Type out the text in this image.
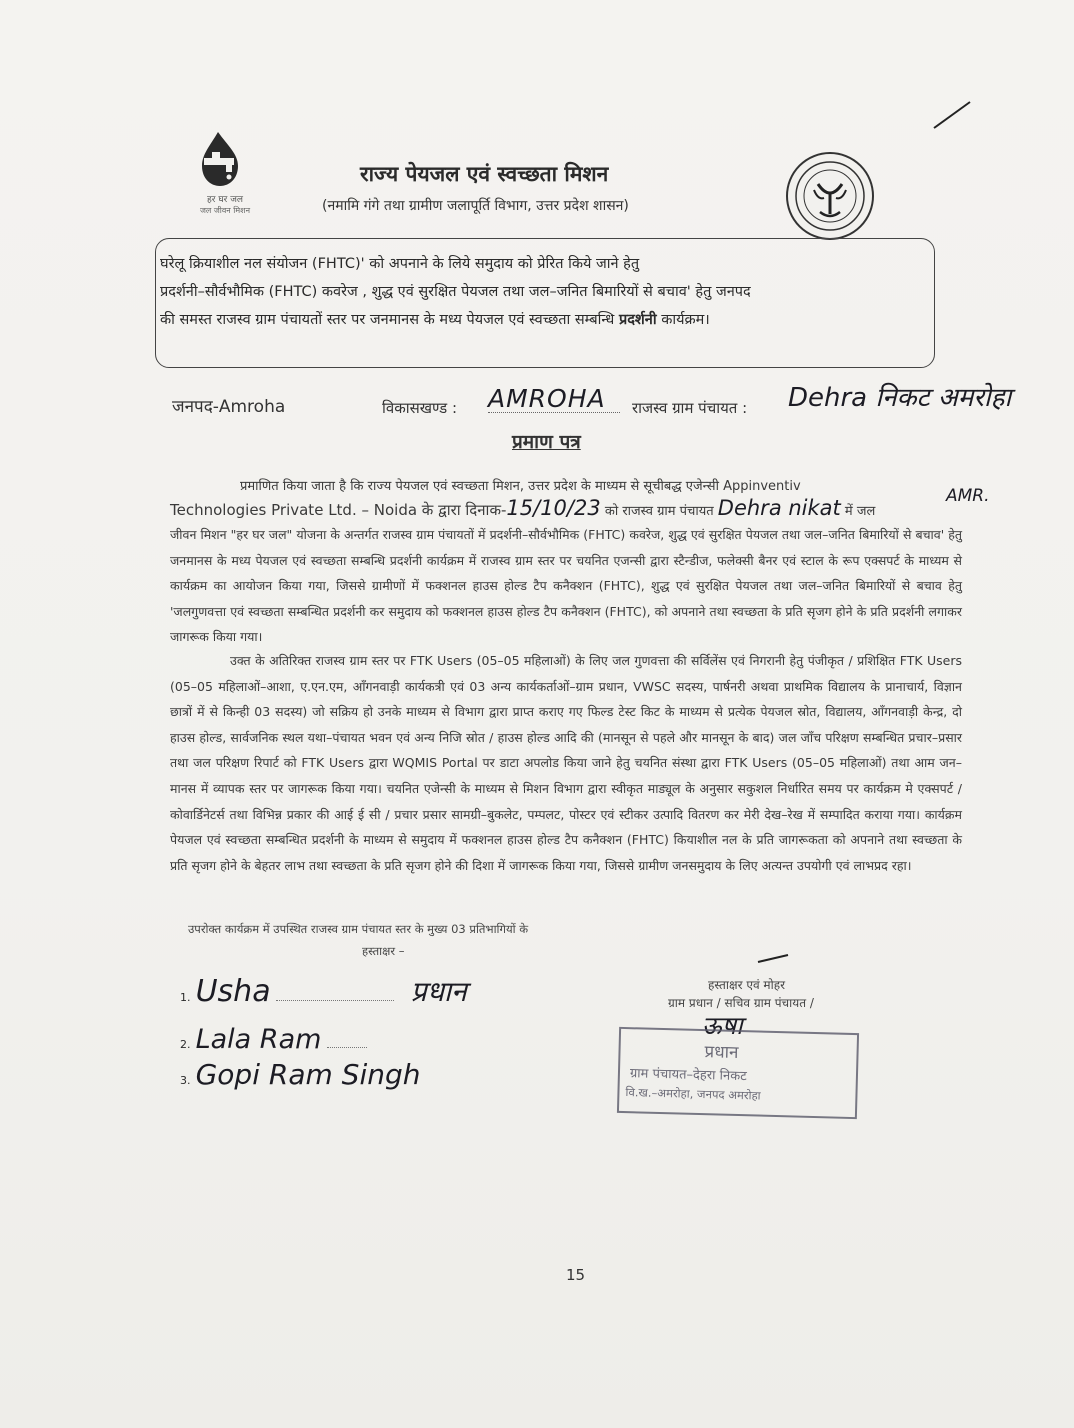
हर घर जल
जल जीवन मिशन
राज्य पेयजल एवं स्वच्छता मिशन
(नमामि गंगे तथा ग्रामीण जलापूर्ति विभाग, उत्तर प्रदेश शासन)
घरेलू क्रियाशील नल संयोजन (FHTC)' को अपनाने के लिये समुदाय को प्रेरित किये जाने हेतु
प्रदर्शनी–सौर्वभौमिक (FHTC) कवरेज , शुद्ध एवं सुरक्षित पेयजल तथा जल–जनित बिमारियों से बचाव' हेतु जनपद
की समस्त राजस्व ग्राम पंचायतों स्तर पर जनमानस के मध्य पेयजल एवं स्वच्छता सम्बन्धि प्रदर्शनी कार्यक्रम।
जनपद-Amroha	विकासखण्ड : AMROHA राजस्व ग्राम पंचायत : Dehra निकट अमरोहा
प्रमाण पत्र
प्रमाणित किया जाता है कि राज्य पेयजल एवं स्वच्छता मिशन, उत्तर प्रदेश के माध्यम से सूचीबद्ध एजेन्सी Appinventiv
Technologies Private Ltd. – Noida के द्वारा दिनाक-15/10/23 को राजस्व ग्राम पंचायत Dehra nikat में जल
AMR.
जीवन मिशन "हर घर जल" योजना के अन्तर्गत राजस्व ग्राम पंचायतों में प्रदर्शनी–सौर्वभौमिक (FHTC) कवरेज, शुद्ध एवं सुरक्षित पेयजल तथा जल–जनित बिमारियों से बचाव' हेतु जनमानस के मध्य पेयजल एवं स्वच्छता सम्बन्धि प्रदर्शनी कार्यक्रम में राजस्व ग्राम स्तर पर चयनित एजन्सी द्वारा स्टैन्डीज, फलेक्सी बैनर एवं स्टाल के रूप एक्सपर्ट के माध्यम से कार्यक्रम का आयोजन किया गया, जिससे ग्रामीणों में फक्शनल हाउस होल्ड टैप कनैक्शन (FHTC), शुद्ध एवं सुरक्षित पेयजल तथा जल–जनित बिमारियों से बचाव हेतु 'जलगुणवत्ता एवं स्वच्छता सम्बन्धित प्रदर्शनी कर समुदाय को फक्शनल हाउस होल्ड टैप कनैक्शन (FHTC), को अपनाने तथा स्वच्छता के प्रति सृजग होने के प्रति प्रदर्शनी लगाकर जागरूक किया गया।
उक्त के अतिरिक्त राजस्व ग्राम स्तर पर FTK Users (05–05 महिलाओं) के लिए जल गुणवत्ता की सर्विलेंस एवं निगरानी हेतु पंजीकृत / प्रशिक्षित FTK Users (05–05 महिलाओं–आशा, ए.एन.एम, आँगनवाड़ी कार्यकत्री एवं 03 अन्य कार्यकर्ताओं–ग्राम प्रधान, VWSC सदस्य, पार्षनरी अथवा प्राथमिक विद्यालय के प्रानाचार्य, विज्ञान छात्रों में से किन्ही 03 सदस्य) जो सक्रिय हो उनके माध्यम से विभाग द्वारा प्राप्त कराए गए फिल्ड टेस्ट किट के माध्यम से प्रत्येक पेयजल स्रोत, विद्यालय, आँगनवाड़ी केन्द्र, दो हाउस होल्ड, सार्वजनिक स्थल यथा–पंचायत भवन एवं अन्य निजि स्रोत / हाउस होल्ड आदि की (मानसून से पहले और मानसून के बाद) जल जाँच परिक्षण सम्बन्धित प्रचार–प्रसार तथा जल परिक्षण रिपार्ट को FTK Users द्वारा WQMIS Portal पर डाटा अपलोड किया जाने हेतु चयनित संस्था द्वारा FTK Users (05–05 महिलाओं) तथा आम जन–मानस में व्यापक स्तर पर जागरूक किया गया। चयनित एजेन्सी के माध्यम से मिशन विभाग द्वारा स्वीकृत माड्यूल के अनुसार सकुशल निर्धारित समय पर कार्यक्रम मे एक्सपर्ट / कोवार्डिनेटर्स तथा विभिन्न प्रकार की आई ई सी / प्रचार प्रसार सामग्री–बुकलेट, पम्पलट, पोस्टर एवं स्टीकर उत्पादि वितरण कर मेरी देख–रेख में सम्पादित कराया गया। कार्यक्रम पेयजल एवं स्वच्छता सम्बन्धित प्रदर्शनी के माध्यम से समुदाय में फक्शनल हाउस होल्ड टैप कनैक्शन (FHTC) कियाशील नल के प्रति जागरूकता को अपनाने तथा स्वच्छता के प्रति सृजग होने के बेहतर लाभ तथा स्वच्छता के प्रति सृजग होने की दिशा में जागरूक किया गया, जिससे ग्रामीण जनसमुदाय के लिए अत्यन्त उपयोगी एवं लाभप्रद रहा।
उपरोक्त कार्यक्रम में उपस्थित राजस्व ग्राम पंचायत स्तर के मुख्य 03 प्रतिभागियों के
हस्ताक्षर –
1. Usha	प्रधान
2. Lala Ram
3. Gopi Ram Singh
हस्ताक्षर एवं मोहर
ग्राम प्रधान / सचिव ग्राम पंचायत /
ऊषा
प्रधान
ग्राम पंचायत–देहरा निकट
वि.ख.–अमरोहा, जनपद अमरोहा
15
